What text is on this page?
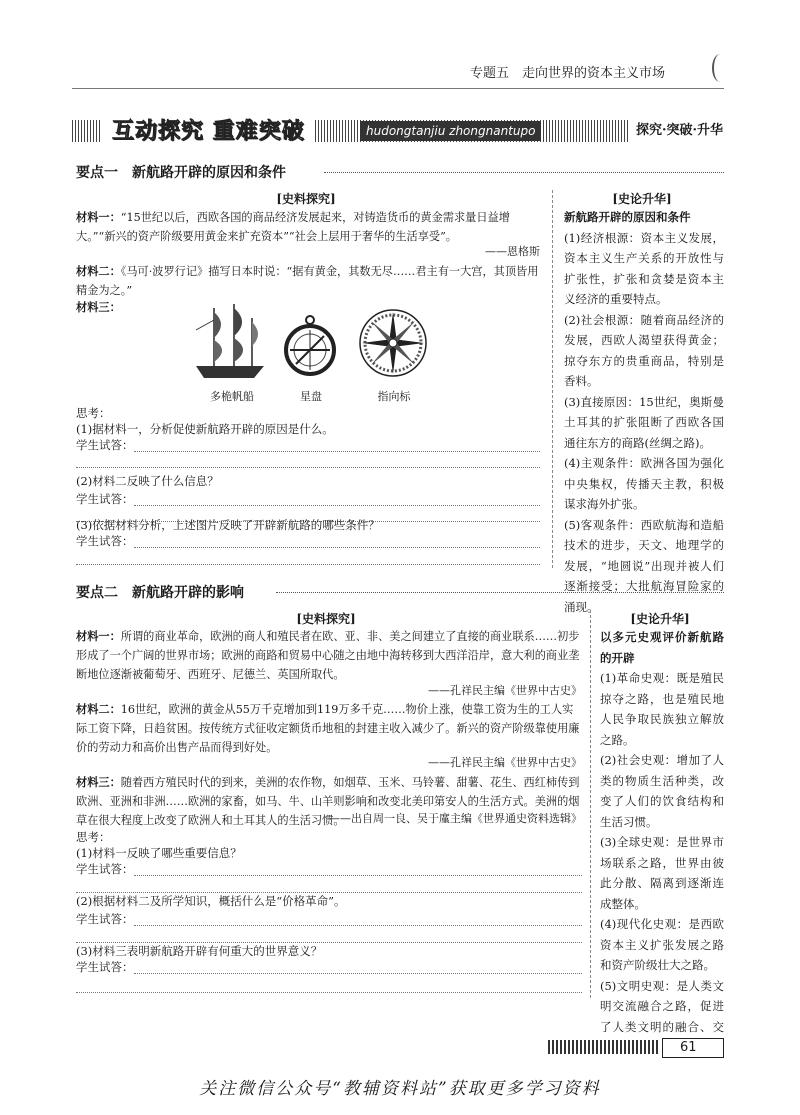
专题五　走向世界的资本主义市场
互动探究 重难突破	hudongtanjiu zhongnantupo	探究·突破·升华
要点一　新航路开辟的原因和条件
[史料探究]
材料一：“15世纪以后，西欧各国的商品经济发展起来，对铸造货币的黄金需求量日益增大。”“新兴的资产阶级要用黄金来扩充资本”“社会上层用于奢华的生活享受”。
——恩格斯
材料二：《马可·波罗行记》描写日本时说：“据有黄金，其数无尽……君主有一大宫，其顶皆用精金为之。”
材料三：
多桅帆船	星盘	指向标
思考：
(1)据材料一，分析促使新航路开辟的原因是什么。
学生试答：
(2)材料二反映了什么信息？
学生试答：
(3)依据材料分析，上述图片反映了开辟新航路的哪些条件？
学生试答：
[史论升华]
新航路开辟的原因和条件
(1)经济根源：资本主义发展，资本主义生产关系的开放性与扩张性，扩张和贪婪是资本主义经济的重要特点。
(2)社会根源：随着商品经济的发展，西欧人渴望获得黄金；掠夺东方的贵重商品，特别是香料。
(3)直接原因：15世纪，奥斯曼土耳其的扩张阻断了西欧各国通往东方的商路(丝绸之路)。
(4)主观条件：欧洲各国为强化中央集权，传播天主教，积极谋求海外扩张。
(5)客观条件：西欧航海和造船技术的进步，天文、地理学的发展，“地圆说”出现并被人们逐渐接受；大批航海冒险家的涌现。
要点二　新航路开辟的影响
[史料探究]
材料一：所谓的商业革命，欧洲的商人和殖民者在欧、亚、非、美之间建立了直接的商业联系……初步形成了一个广阔的世界市场；欧洲的商路和贸易中心随之由地中海转移到大西洋沿岸，意大利的商业垄断地位逐渐被葡萄牙、西班牙、尼德兰、英国所取代。
——孔祥民主编《世界中古史》
材料二：16世纪，欧洲的黄金从55万千克增加到119万多千克……物价上涨，使靠工资为生的工人实际工资下降，日趋贫困。按传统方式征收定额货币地租的封建主收入减少了。新兴的资产阶级靠使用廉价的劳动力和高价出售产品而得到好处。
——孔祥民主编《世界中古史》
材料三：随着西方殖民时代的到来，美洲的农作物，如烟草、玉米、马铃薯、甜薯、花生、西红柿传到欧洲、亚洲和非洲……欧洲的家畜，如马、牛、山羊则影响和改变北美印第安人的生活方式。美洲的烟草在很大程度上改变了欧洲人和土耳其人的生活习惯。
——出自周一良、吴于廑主编《世界通史资料选辑》
思考：
(1)材料一反映了哪些重要信息？
学生试答：
(2)根据材料二及所学知识，概括什么是“价格革命”。
学生试答：
(3)材料三表明新航路开辟有何重大的世界意义？
学生试答：
[史论升华]
以多元史观评价新航路的开辟
(1)革命史观：既是殖民掠夺之路，也是殖民地人民争取民族独立解放之路。
(2)社会史观：增加了人类的物质生活种类，改变了人们的饮食结构和生活习惯。
(3)全球史观：是世界市场联系之路，世界由彼此分散、隔离到逐渐连成整体。
(4)现代化史观：是西欧资本主义扩张发展之路和资产阶级壮大之路。
(5)文明史观：是人类文明交流融合之路，促进了人类文明的融合、交
61
关注微信公众号“教辅资料站”获取更多学习资料
